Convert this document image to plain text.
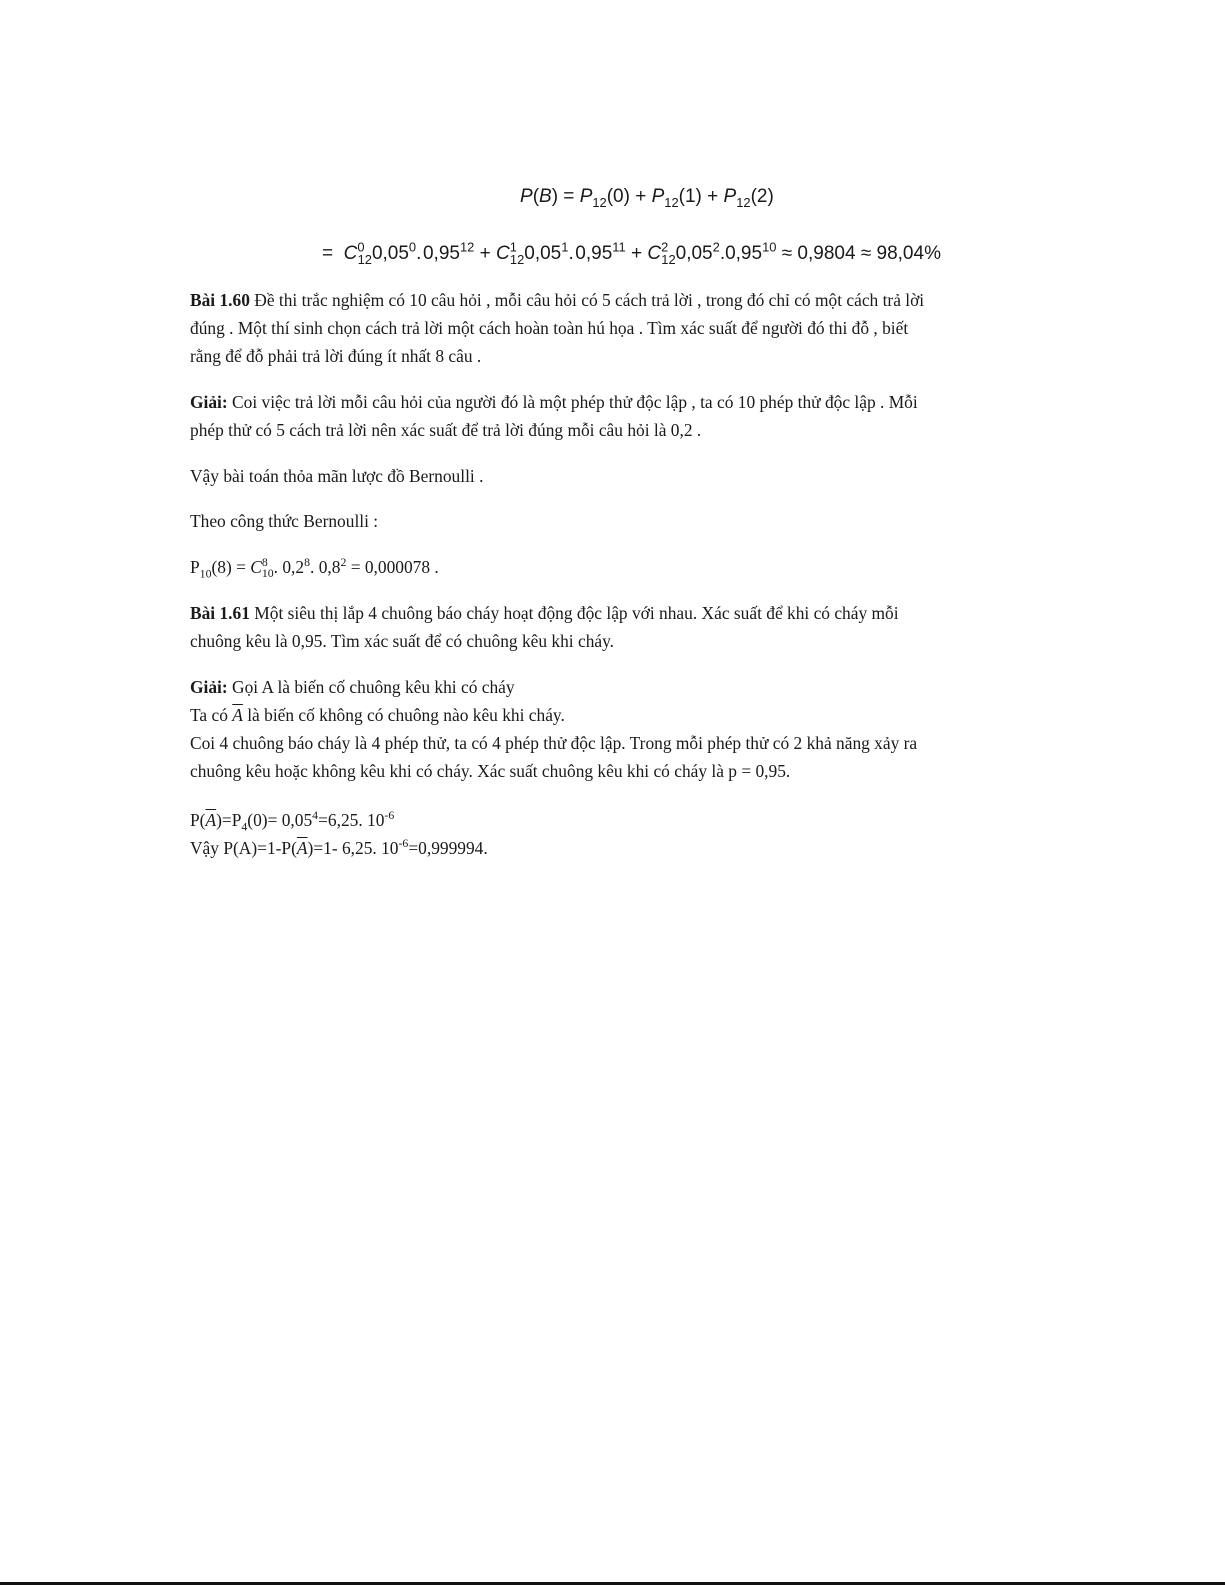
$P(B) = P_{12}(0) + P_{12}(1) + P_{12}(2)$
=  $C^0_{12}0,05^0$. $0,95^{12} + C^1_{12}0,05^1$. $0,95^{11} + C^2_{12}0,05^2.0,95^{10} \approx 0,9804 \approx 98,04\%$

Bài 1.60 Đề thi trắc nghiệm có 10 câu hỏi , mỗi câu hỏi có 5 cách trả lời , trong đó chỉ có một cách trả lời

đúng . Một thí sinh chọn cách trả lời một cách hoàn toàn hú họa . Tìm xác suất để người đó thi đỗ , biết

rằng để đỗ phải trả lời đúng ít nhất 8 câu .

Giải: Coi việc trả lời mỗi câu hỏi của người đó là một phép thử độc lập , ta có 10 phép thử độc lập . Mỗi

phép thử có 5 cách trả lời nên xác suất để trả lời đúng mỗi câu hỏi là 0,2 .

Vậy bài toán thỏa mãn lược đồ Bernoulli .

Theo công thức Bernoulli :

$P_{10}(8) = C^8_{10}$. $0,2^8$. $0,8^2 = 0,000078$ .

Bài 1.61 Một siêu thị lắp 4 chuông báo cháy hoạt động độc lập với nhau. Xác suất để khi có cháy mỗi

chuông kêu là 0,95. Tìm xác suất để có chuông kêu khi cháy.

Giải: Gọi A là biến cố chuông kêu khi có cháy

Ta có $\overline{A}$ là biến cố không có chuông nào kêu khi cháy.

Coi 4 chuông báo cháy là 4 phép thử, ta có 4 phép thử độc lập. Trong mỗi phép thử có 2 khả năng xảy ra

chuông kêu hoặc không kêu khi có cháy. Xác suất chuông kêu khi có cháy là p = 0,95.

$P(\overline{A})=P_4(0)= 0,05^4=6,25$. $10^{-6}$

Vậy $P(A)=1-P(\overline{A})=1-$ 6,25. $10^{-6}=0,999994$.
